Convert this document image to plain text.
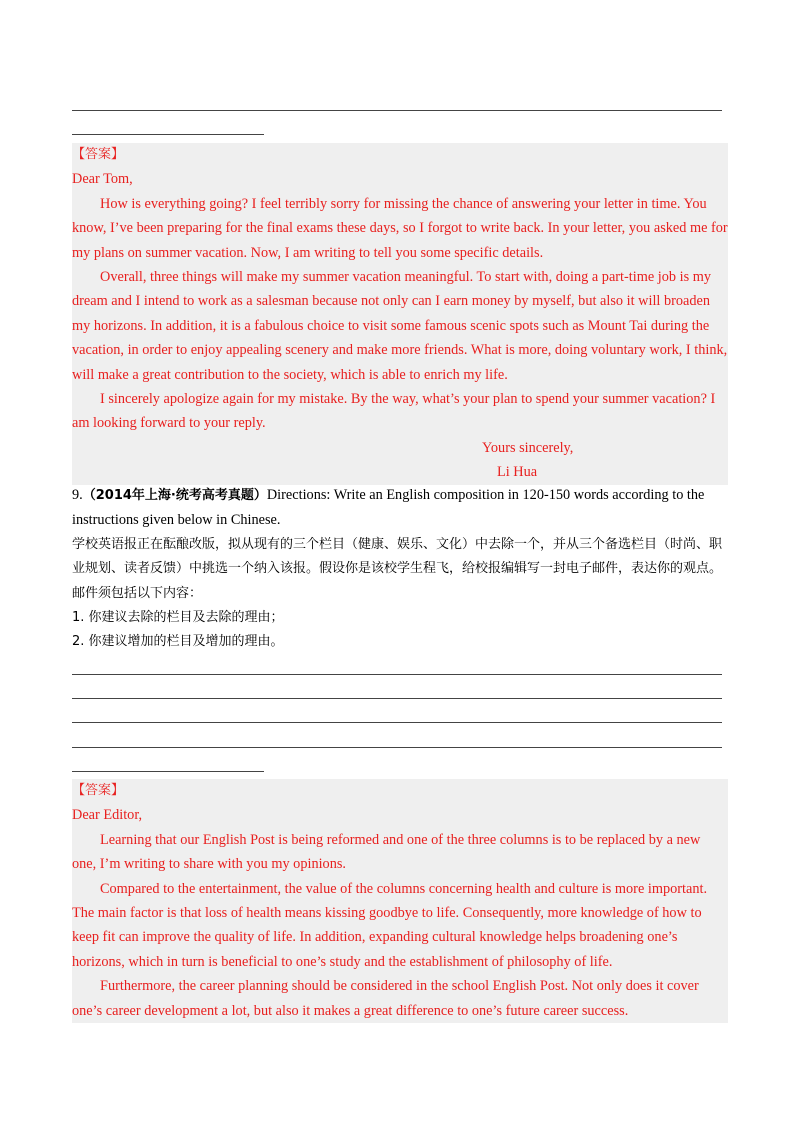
【答案】

Dear Tom,

How is everything going? I feel terribly sorry for missing the chance of answering your letter in time. You know, I’ve been preparing for the final exams these days, so I forgot to write back. In your letter, you asked me for my plans on summer vacation. Now, I am writing to tell you some specific details.

Overall, three things will make my summer vacation meaningful. To start with, doing a part-time job is my dream and I intend to work as a salesman because not only can I earn money by myself, but also it will broaden my horizons. In addition, it is a fabulous choice to visit some famous scenic spots such as Mount Tai during the vacation, in order to enjoy appealing scenery and make more friends. What is more, doing voluntary work, I think, will make a great contribution to the society, which is able to enrich my life.

I sincerely apologize again for my mistake. By the way, what’s your plan to spend your summer vacation? I am looking forward to your reply.

Yours sincerely,

Li Hua

9.（2014年上海·统考高考真题）Directions: Write an English composition in 120-150 words according to the instructions given below in Chinese.

学校英语报正在酝酿改版，拟从现有的三个栏目（健康、娱乐、文化）中去除一个，并从三个备选栏目（时尚、职业规划、读者反馈）中挑选一个纳入该报。假设你是该校学生程飞，给校报编辑写一封电子邮件，表达你的观点。邮件须包括以下内容：

1. 你建议去除的栏目及去除的理由；

2. 你建议增加的栏目及增加的理由。

【答案】

Dear Editor,

Learning that our English Post is being reformed and one of the three columns is to be replaced by a new one, I’m writing to share with you my opinions.

Compared to the entertainment, the value of the columns concerning health and culture is more important. The main factor is that loss of health means kissing goodbye to life. Consequently, more knowledge of how to keep fit can improve the quality of life. In addition, expanding cultural knowledge helps broadening one’s horizons, which in turn is beneficial to one’s study and the establishment of philosophy of life.

Furthermore, the career planning should be considered in the school English Post. Not only does it cover one’s career development a lot, but also it makes a great difference to one’s future career success.
